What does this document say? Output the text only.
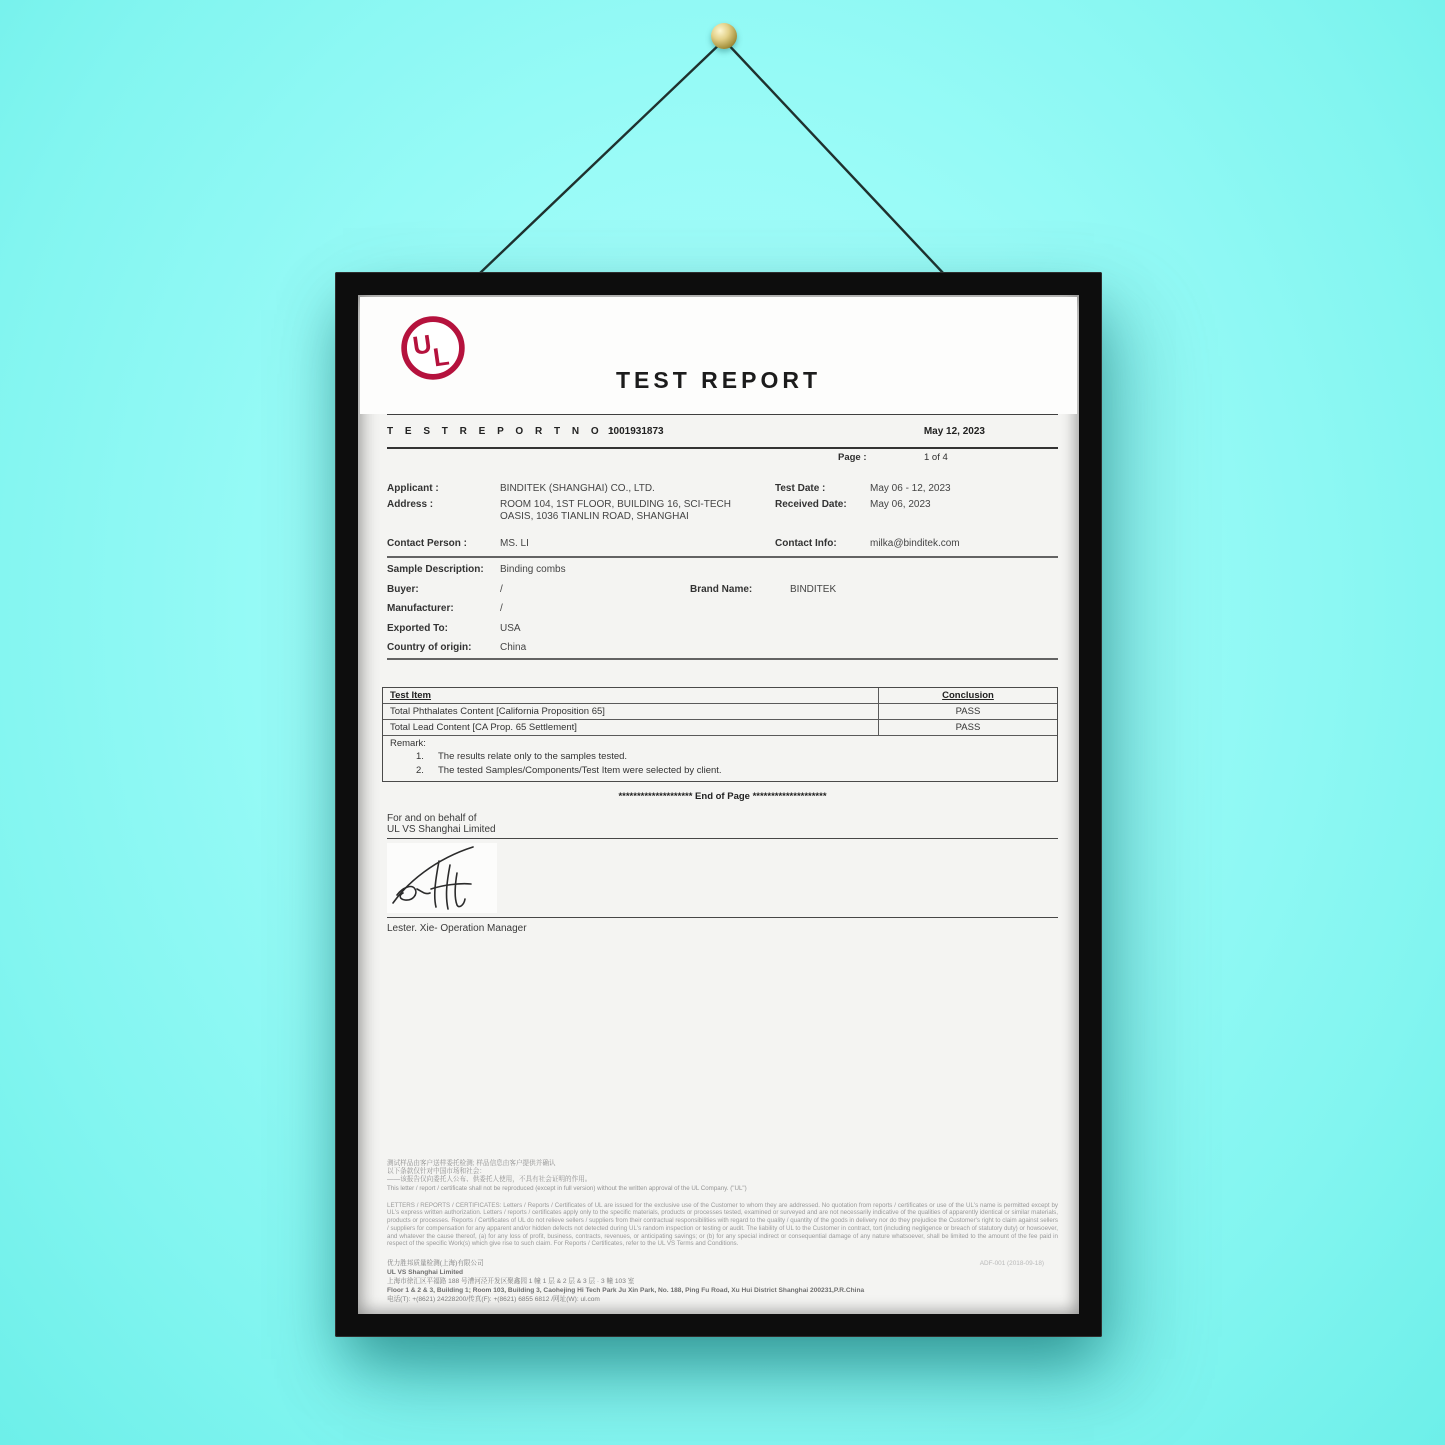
U
L
TEST REPORT
T E S T R E P O R T N O :
1001931873	May 12, 2023
Page :	1 of 4
Applicant :	BINDITEK (SHANGHAI) CO., LTD.	Test Date :	May 06 - 12, 2023
Address :	ROOM 104, 1ST FLOOR, BUILDING 16, SCI-TECH OASIS, 1036 TIANLIN ROAD, SHANGHAI
Received Date: May 06, 2023
Contact Person :	MS. LI	Contact Info:	milka@binditek.com
Sample Description: Binding combs
Buyer:	/	Brand Name:	BINDITEK
Manufacturer:	/
Exported To:	USA
Country of origin:	China
Test Item	Conclusion
Total Phthalates Content [California Proposition 65]	PASS
Total Lead Content [CA Prop. 65 Settlement]	PASS
Remark:
1.	The results relate only to the samples tested.
2.	The tested Samples/Components/Test Item were selected by client.
******************** End of Page ********************
For and on behalf of
UL VS Shanghai Limited
Lester. Xie- Operation Manager
测试样品由客户送样委托检测; 样品信息由客户提供并确认
以下条款仅针对中国市场和社会：
——该报告仅向委托人公布、供委托人使用，不具有社会证明的作用。
This letter / report / certificate shall not be reproduced (except in full version) without the written approval of the UL Company. ("UL")
LETTERS / REPORTS / CERTIFICATES: Letters / Reports / Certificates of UL are issued for the exclusive use of the Customer to whom they are addressed. No quotation from reports / certificates or use of the UL's name is permitted except by UL's express written authorization. Letters / reports / certificates apply only to the specific materials, products or processes tested, examined or surveyed and are not necessarily indicative of the qualities of apparently identical or similar materials, products or processes. Reports / Certificates of UL do not relieve sellers / suppliers from their contractual responsibilities with regard to the quality / quantity of the goods in delivery nor do they prejudice the Customer's right to claim against sellers / suppliers for compensation for any apparent and/or hidden defects not detected during UL's random inspection or testing or audit. The liability of UL to the Customer in contract, tort (including negligence or breach of statutory duty) or howsoever, and whatever the cause thereof, (a) for any loss of profit, business, contracts, revenues, or anticipating savings; or (b) for any special indirect or consequential damage of any nature whatsoever, shall be limited to the amount of the fee paid in respect of the specific Work(s) which give rise to such claim. For Reports / Certificates, refer to the UL VS Terms and Conditions.
ADF-001 (2018-09-18)
优力胜邦质量检测(上海)有限公司
UL VS Shanghai Limited
上海市徐汇区平福路 188 号漕河泾开发区聚鑫园 1 幢 1 层 & 2 层 & 3 层 · 3 幢 103 室
Floor 1 & 2 & 3, Building 1; Room 103, Building 3, Caohejing Hi Tech Park Ju Xin Park, No. 188, Ping Fu Road, Xu Hui District Shanghai 200231,P.R.China
电话(T): +(8621) 24228200/传真(F): +(8621) 6855 6812 /网址(W): ul.com
